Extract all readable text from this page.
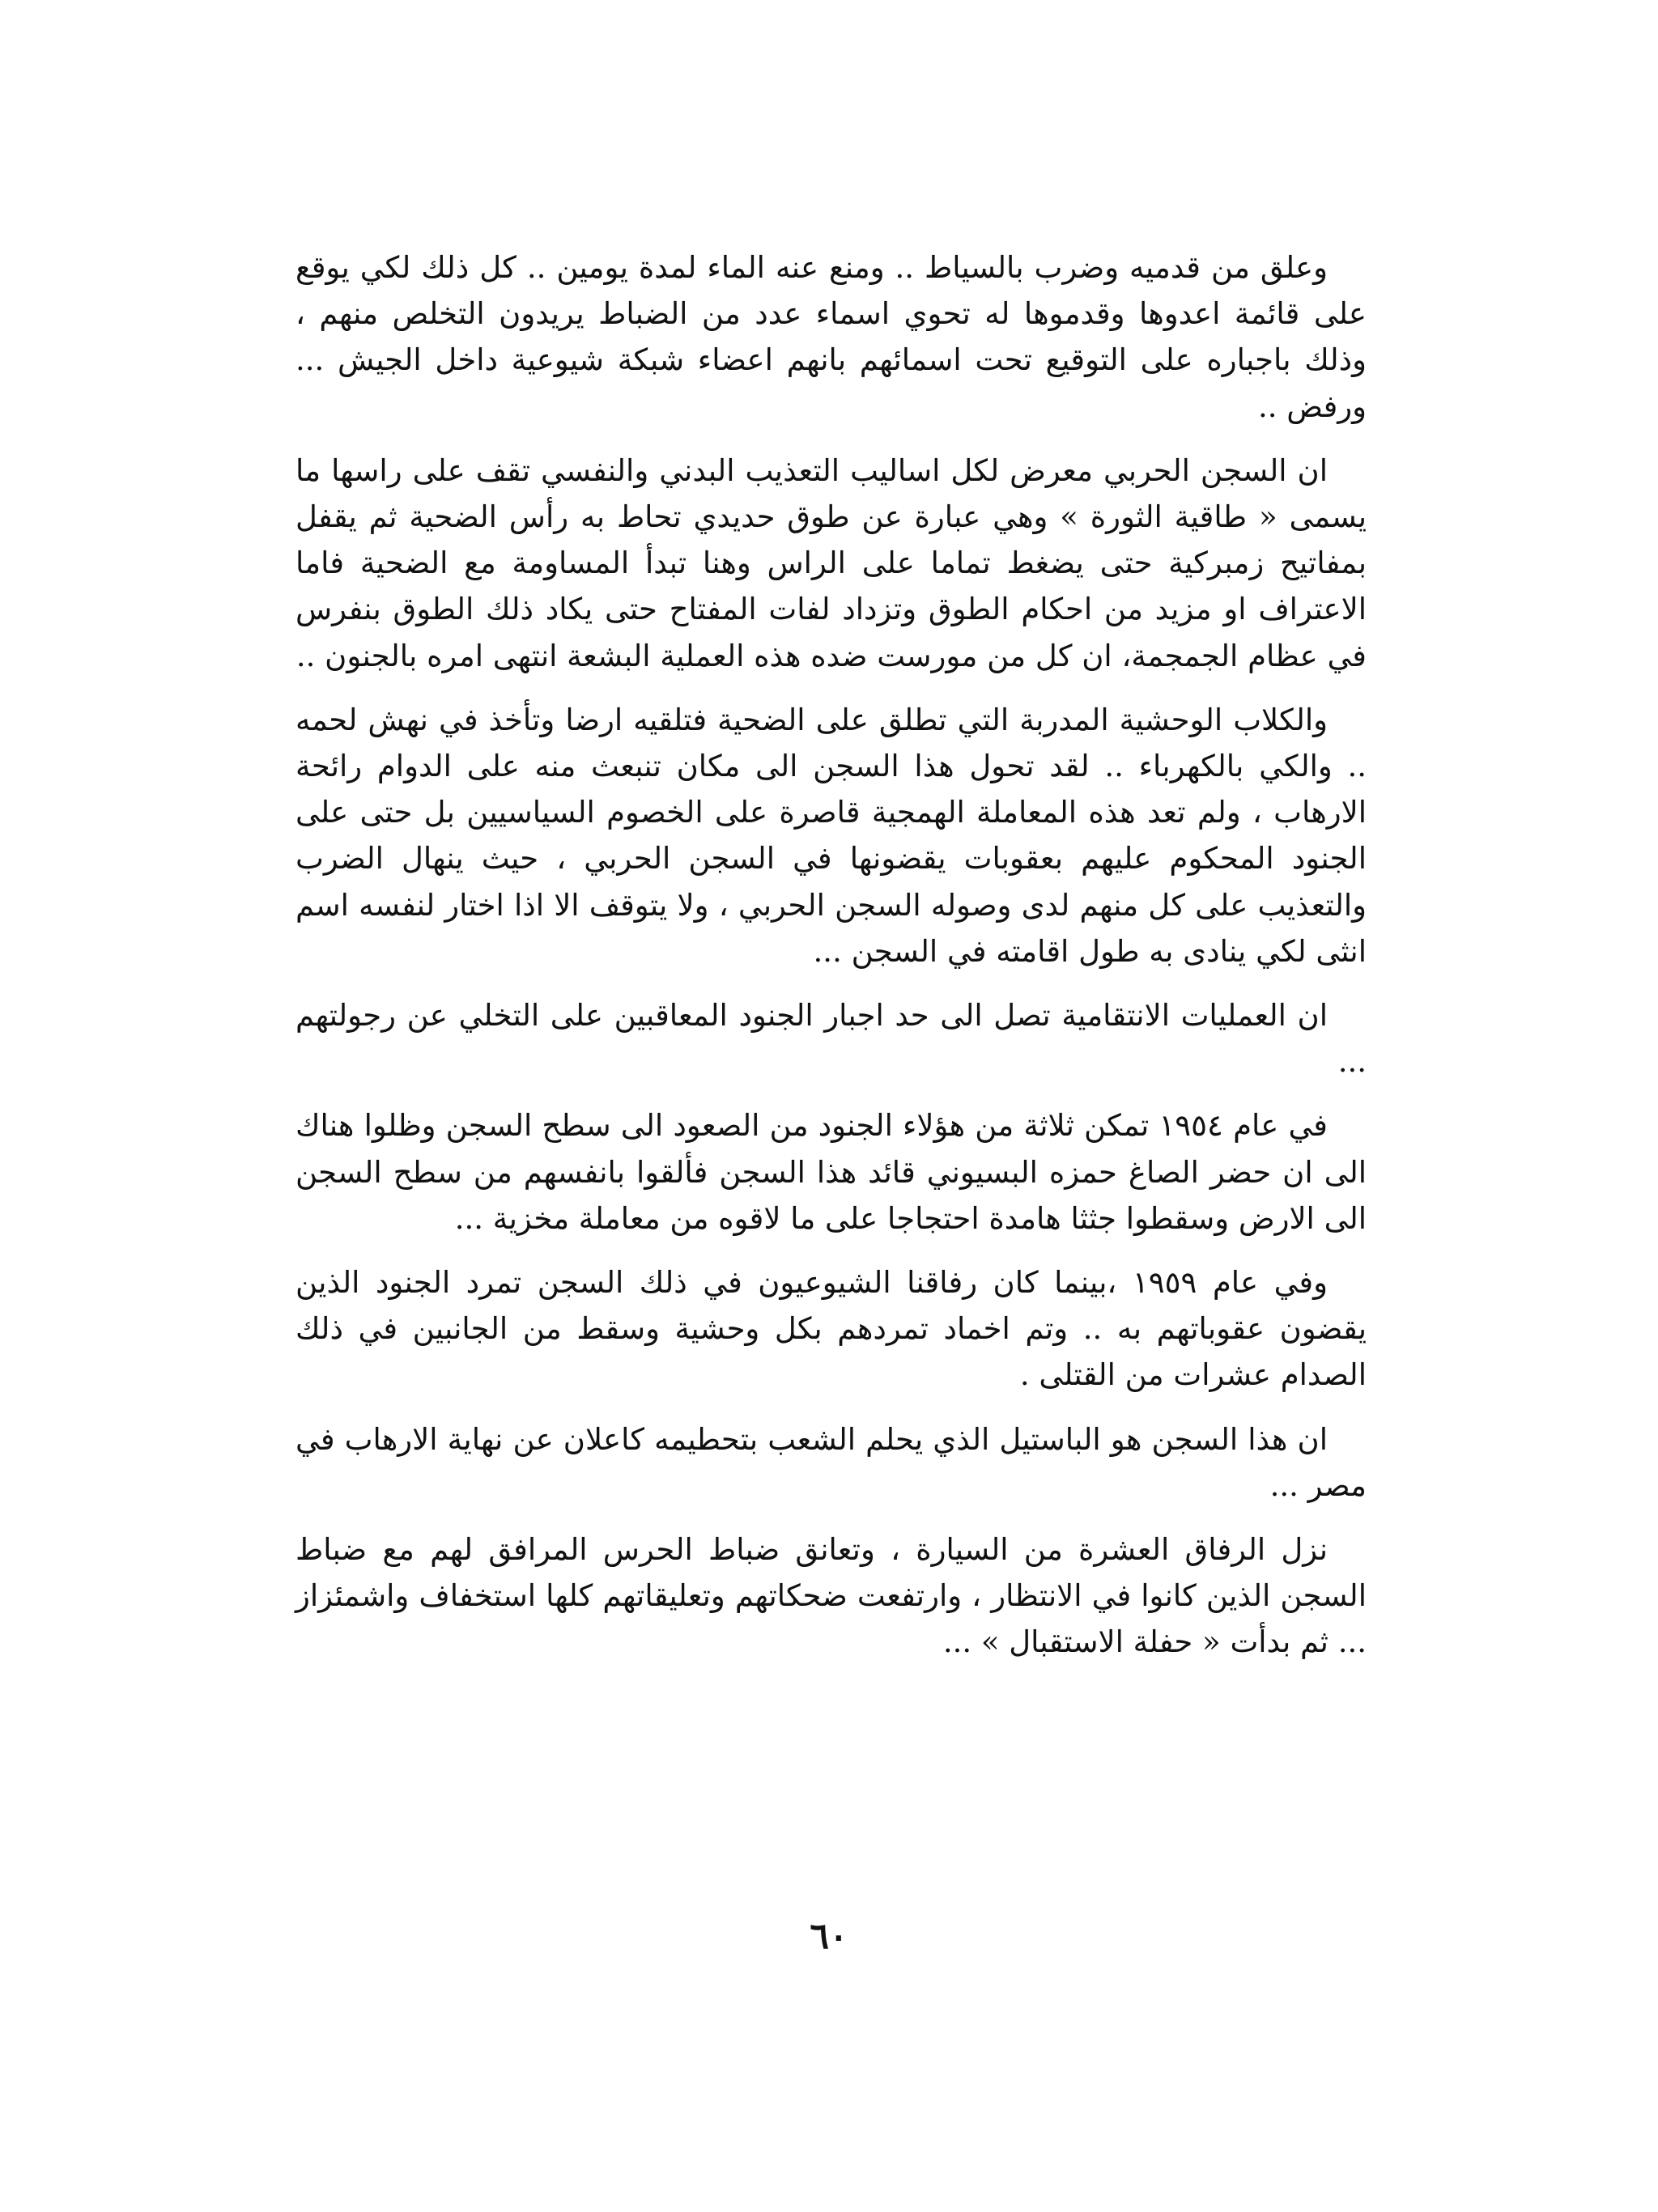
وعلق من قدميه وضرب بالسياط .. ومنع عنه الماء لمدة يومين .. كل ذلك لكي يوقع على قائمة اعدوها وقدموها له تحوي اسماء عدد من الضباط يريدون التخلص منهم ، وذلك باجباره على التوقيع تحت اسمائهم بانهم اعضاء شبكة شيوعية داخل الجيش ... ورفض ..

ان السجن الحربي معرض لكل اساليب التعذيب البدني والنفسي تقف على راسها ما يسمى « طاقية الثورة » وهي عبارة عن طوق حديدي تحاط به رأس الضحية ثم يقفل بمفاتيح زمبركية حتى يضغط تماما على الراس وهنا تبدأ المساومة مع الضحية فاما الاعتراف او مزيد من احكام الطوق وتزداد لفات المفتاح حتى يكاد ذلك الطوق بنفرس في عظام الجمجمة، ان كل من مورست ضده هذه العملية البشعة انتهى امره بالجنون ..

والكلاب الوحشية المدربة التي تطلق على الضحية فتلقيه ارضا وتأخذ في نهش لحمه .. والكي بالكهرباء .. لقد تحول هذا السجن الى مكان تنبعث منه على الدوام رائحة الارهاب ، ولم تعد هذه المعاملة الهمجية قاصرة على الخصوم السياسيين بل حتى على الجنود المحكوم عليهم بعقوبات يقضونها في السجن الحربي ، حيث ينهال الضرب والتعذيب على كل منهم لدى وصوله السجن الحربي ، ولا يتوقف الا اذا اختار لنفسه اسم انثى لكي ينادى به طول اقامته في السجن ...

ان العمليات الانتقامية تصل الى حد اجبار الجنود المعاقبين على التخلي عن رجولتهم ...

في عام ١٩٥٤ تمكن ثلاثة من هؤلاء الجنود من الصعود الى سطح السجن وظلوا هناك الى ان حضر الصاغ حمزه البسيوني قائد هذا السجن فألقوا بانفسهم من سطح السجن الى الارض وسقطوا جثثا هامدة احتجاجا على ما لاقوه من معاملة مخزية ...

وفي عام ١٩٥٩ ،بينما كان رفاقنا الشيوعيون في ذلك السجن تمرد الجنود الذين يقضون عقوباتهم به .. وتم اخماد تمردهم بكل وحشية وسقط من الجانبين في ذلك الصدام عشرات من القتلى .

ان هذا السجن هو الباستيل الذي يحلم الشعب بتحطيمه كاعلان عن نهاية الارهاب في مصر ...

نزل الرفاق العشرة من السيارة ، وتعانق ضباط الحرس المرافق لهم مع ضباط السجن الذين كانوا في الانتظار ، وارتفعت ضحكاتهم وتعليقاتهم كلها استخفاف واشمئزاز ... ثم بدأت « حفلة الاستقبال » ...

٦٠
